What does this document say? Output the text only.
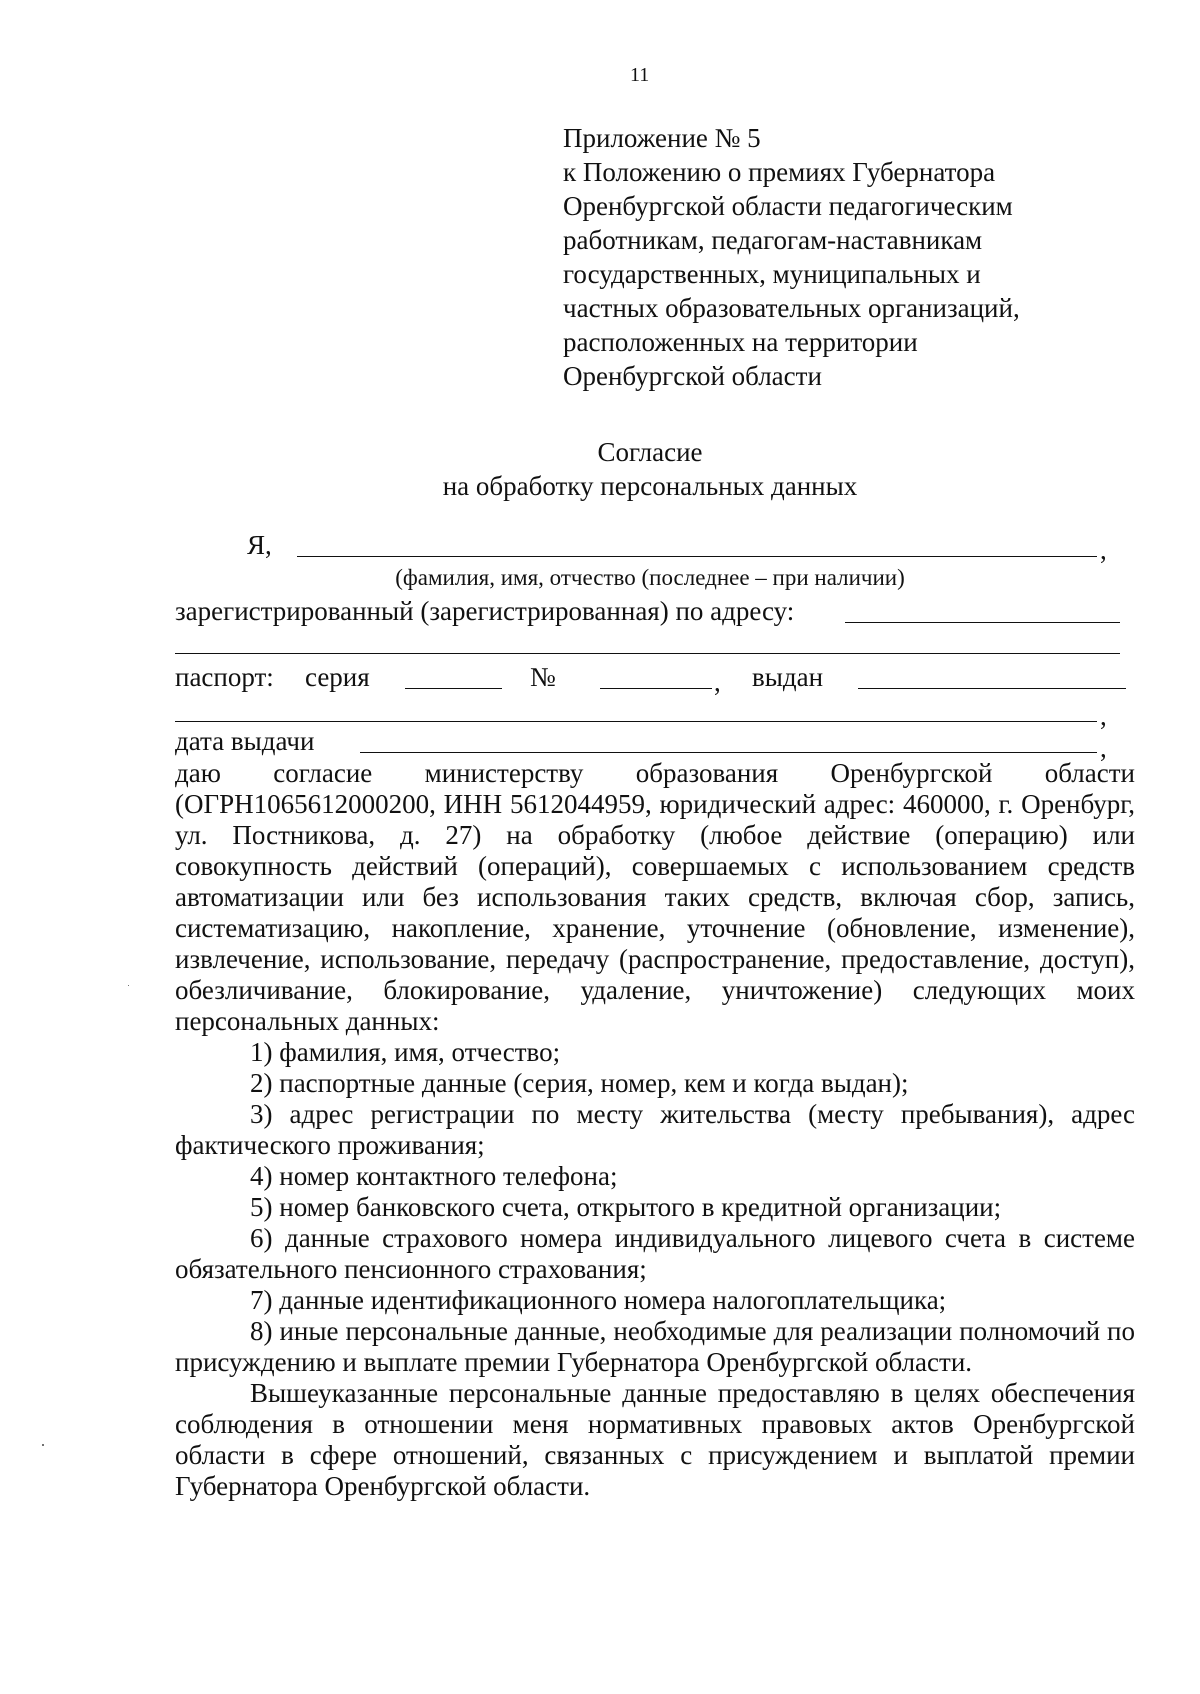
11
Приложение № 5
к Положению о премиях Губернатора
Оренбургской области педагогическим
работникам, педагогам-наставникам
государственных, муниципальных и
частных образовательных организаций,
расположенных на территории
Оренбургской области
Согласие
на обработку персональных данных
Я,	,
(фамилия, имя, отчество (последнее – при наличии)
зарегистрированный (зарегистрированная) по адресу:
паспорт: серия	№	, выдан
,
дата выдачи	,

даю согласие министерству образования Оренбургской области (ОГРН1065612000200, ИНН 5612044959, юридический адрес: 460000, г. Оренбург, ул. Постникова, д. 27) на обработку (любое действие (операцию) или совокупность действий (операций), совершаемых с использованием средств автоматизации или без использования таких средств, включая сбор, запись, систематизацию, накопление, хранение, уточнение (обновление, изменение), извлечение, использование, передачу (распространение, предоставление, доступ), обезличивание, блокирование, удаление, уничтожение) следующих моих персональных данных:

1) фамилия, имя, отчество;

2) паспортные данные (серия, номер, кем и когда выдан);

3) адрес регистрации по месту жительства (месту пребывания), адрес фактического проживания;

4) номер контактного телефона;

5) номер банковского счета, открытого в кредитной организации;

6) данные страхового номера индивидуального лицевого счета в системе обязательного пенсионного страхования;

7) данные идентификационного номера налогоплательщика;

8) иные персональные данные, необходимые для реализации полномочий по присуждению и выплате премии Губернатора Оренбургской области.

Вышеуказанные персональные данные предоставляю в целях обеспечения соблюдения в отношении меня нормативных правовых актов Оренбургской области в сфере отношений, связанных с присуждением и выплатой премии Губернатора Оренбургской области.
